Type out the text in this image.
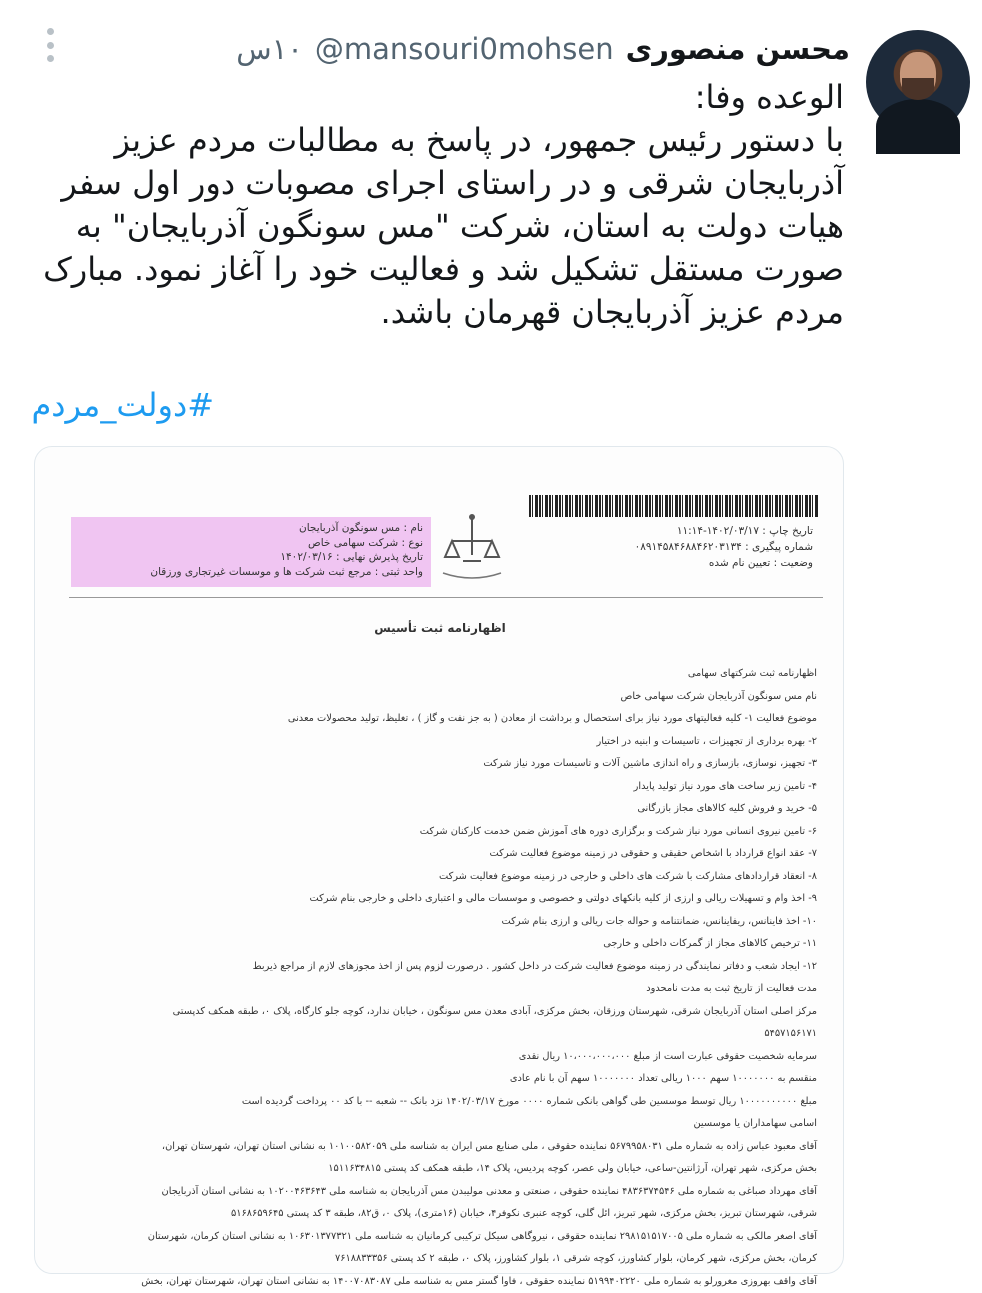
محسن منصوری
@mansouri0mohsen
۱۰س
الوعده وفا:
با دستور رئیس جمهور، در پاسخ به مطالبات مردم عزیز
آذربایجان شرقی و در راستای اجرای مصوبات دور اول سفر
هیات دولت به استان، شرکت "مس سونگون آذربایجان" به
صورت مستقل تشکیل شد و فعالیت خود را آغاز نمود. مبارک
مردم عزیز آذربایجان قهرمان باشد.
#دولت_مردم
تاریخ چاپ : ۱۴۰۲/۰۳/۱۷-۱۱:۱۴
شماره پیگیری : ۰۸۹۱۴۵۸۴۶۸۸۴۶۲۰۳۱۳۴
وضعیت : تعیین نام شده
نام : مس سونگون آذربایجان
نوع : شرکت سهامی خاص
تاریخ پذیرش نهایی : ۱۴۰۲/۰۳/۱۶
واحد ثبتی : مرجع ثبت شرکت ها و موسسات غیرتجاری ورزقان
اظهارنامه ثبت تأسیس
اظهارنامه ثبت شرکتهای سهامی
نام مس سونگون آذربایجان شرکت سهامی خاص
موضوع فعالیت ۱- کلیه فعالیتهای مورد نیاز برای استحصال و برداشت از معادن ( به جز نفت و گاز ) ، تغلیظ، تولید محصولات معدنی
۲- بهره برداری از تجهیزات ، تاسیسات و ابنیه در اختیار
۳- تجهیز، نوسازی، بازسازی و راه اندازی ماشین آلات و تاسیسات مورد نیاز شرکت
۴- تامین زیر ساخت های مورد نیاز تولید پایدار
۵- خرید و فروش کلیه کالاهای مجاز بازرگانی
۶- تامین نیروی انسانی مورد نیاز شرکت و برگزاری دوره های آموزش ضمن خدمت کارکنان شرکت
۷- عقد انواع قرارداد با اشخاص حقیقی و حقوقی در زمینه موضوع فعالیت شرکت
۸- انعقاد قراردادهای مشارکت با شرکت های داخلی و خارجی در زمینه موضوع فعالیت شرکت
۹- اخذ وام و تسهیلات ریالی و ارزی از کلیه بانکهای دولتی و خصوصی و موسسات مالی و اعتباری داخلی و خارجی بنام شرکت
۱۰- اخذ فاینانس، ریفاینانس، ضمانتنامه و حواله جات ریالی و ارزی بنام شرکت
۱۱- ترخیص کالاهای مجاز از گمرکات داخلی و خارجی
۱۲- ایجاد شعب و دفاتر نمایندگی در زمینه موضوع فعالیت شرکت در داخل کشور . درصورت لزوم پس از اخذ مجوزهای لازم از مراجع ذیربط
مدت فعالیت از تاریخ ثبت به مدت نامحدود
مرکز اصلی استان آذربایجان شرقی، شهرستان ورزقان، بخش مرکزی، آبادی معدن مس سونگون ، خیابان ندارد، کوچه جلو کارگاه، پلاک ۰، طبقه همکف کدپستی
۵۴۵۷۱۵۶۱۷۱
سرمایه شخصیت حقوقی عبارت است از مبلغ ۱۰،۰۰۰،۰۰۰،۰۰۰ ریال نقدی
منقسم به ۱۰۰۰۰۰۰۰ سهم ۱۰۰۰ ریالی تعداد ۱۰۰۰۰۰۰۰ سهم آن با نام عادی
مبلغ ۱۰۰۰۰۰۰۰۰۰۰ ریال توسط موسسین طی گواهی بانکی شماره ۰۰۰۰ مورخ ۱۴۰۲/۰۳/۱۷ نزد بانک -- شعبه -- با کد ۰۰ پرداخت گردیده است
اسامی سهامداران یا موسسین
آقای معبود عباس زاده به شماره ملی ۵۶۷۹۹۵۸۰۳۱ نماینده حقوقی ، ملی صنایع مس ایران به شناسه ملی ۱۰۱۰۰۵۸۲۰۵۹ به نشانی استان تهران، شهرستان تهران،
بخش مرکزی، شهر تهران، آرژانتین-ساعی، خیابان ولی عصر، کوچه پردیس، پلاک ۱۴، طبقه همکف کد پستی ۱۵۱۱۶۳۴۸۱۵
آقای مهرداد صباغی به شماره ملی ۴۸۳۶۳۷۴۵۴۶ نماینده حقوقی ، صنعتی و معدنی مولیبدن مس آذربایجان به شناسه ملی ۱۰۲۰۰۴۶۳۶۴۳ به نشانی استان آذربایجان
شرقی، شهرستان تبریز، بخش مرکزی، شهر تبریز، ائل گلی، کوچه عنبری نکوفر۴، خیابان (۱۶متری)، پلاک ۰، ق۸۲، طبقه ۳ کد پستی ۵۱۶۸۶۵۹۶۴۵
آقای اصغر مالکی به شماره ملی ۲۹۸۱۵۱۵۱۷۰۰۵ نماینده حقوقی ، نیروگاهی سیکل ترکیبی کرمانیان به شناسه ملی ۱۰۶۳۰۱۳۷۷۳۲۱ به نشانی استان کرمان، شهرستان
کرمان، بخش مرکزی، شهر کرمان، بلوار کشاورز، کوچه شرقی ۱، بلوار کشاورز، پلاک ۰، طبقه ۲ کد پستی ۷۶۱۸۸۳۳۳۵۶
آقای واقف بهروزی مغرورلو به شماره ملی ۵۱۹۹۴۰۲۲۲۰ نماینده حقوقی ، فاوا گستر مس به شناسه ملی ۱۴۰۰۷۰۸۳۰۸۷ به نشانی استان تهران، شهرستان تهران، بخش
